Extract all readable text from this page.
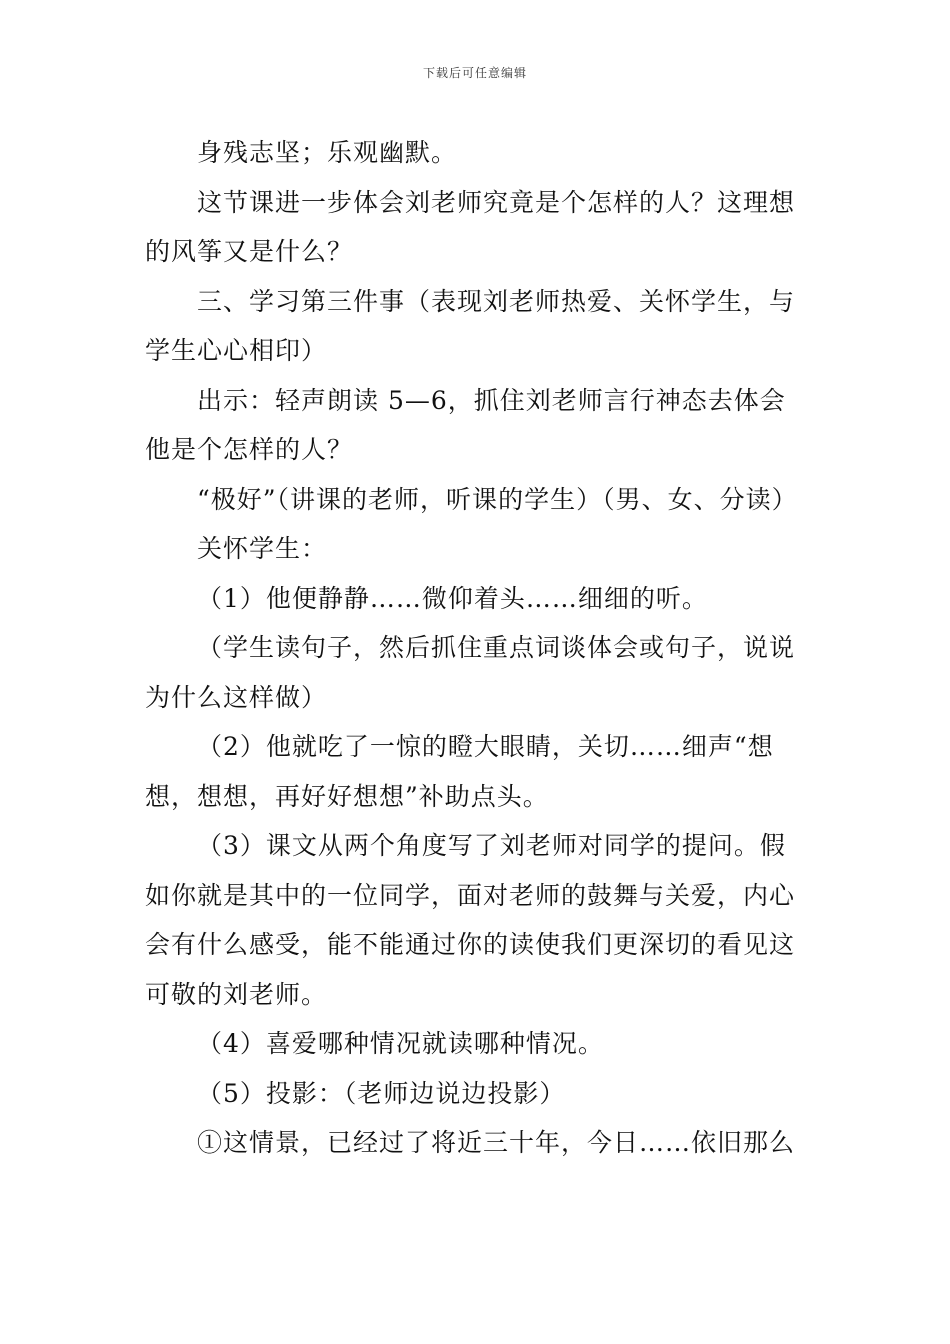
下载后可任意编辑

身残志坚；乐观幽默。

这节课进一步体会刘老师究竟是个怎样的人？这理想的风筝又是什么？

三、学习第三件事（表现刘老师热爱、关怀学生，与学生心心相印）

出示：轻声朗读 5—6，抓住刘老师言行神态去体会他是个怎样的人？

“极好”（讲课的老师，听课的学生）（男、女、分读）

关怀学生：

（1）他便静静……微仰着头……细细的听。

（学生读句子，然后抓住重点词谈体会或句子，说说为什么这样做）

（2）他就吃了一惊的瞪大眼睛，关切……细声“想想，想想，再好好想想”补助点头。

（3）课文从两个角度写了刘老师对同学的提问。假如你就是其中的一位同学，面对老师的鼓舞与关爱，内心会有什么感受，能不能通过你的读使我们更深切的看见这可敬的刘老师。

（4）喜爱哪种情况就读哪种情况。

（5）投影：（老师边说边投影）

①这情景，已经过了将近三十年，今日……依旧那么
